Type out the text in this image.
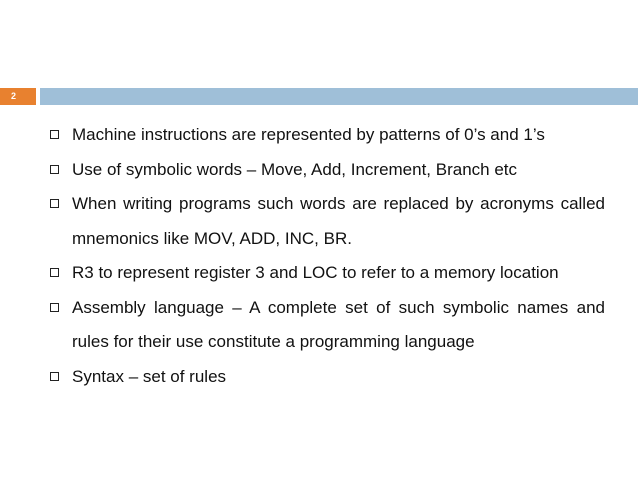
2
Machine instructions are represented by patterns of 0’s and 1’s
Use of symbolic words – Move, Add, Increment, Branch etc
When writing programs such words are replaced by acronyms called mnemonics like MOV, ADD, INC, BR.
R3 to represent register 3 and LOC to refer to a memory location
Assembly language – A complete set of such symbolic names and rules for their use constitute a programming language
Syntax – set of rules
